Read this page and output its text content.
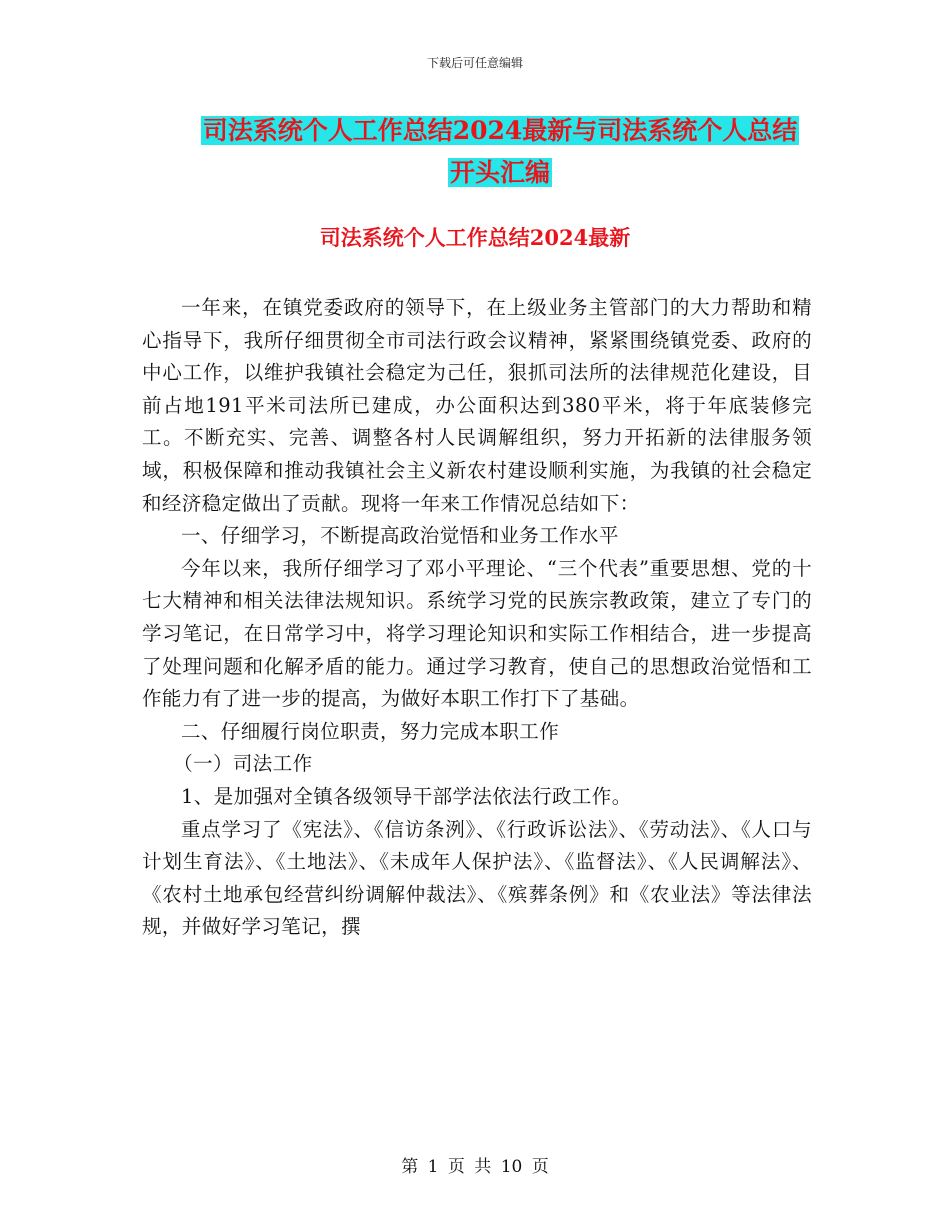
下载后可任意编辑
司法系统个人工作总结2024最新与司法系统个人总结
开头汇编
司法系统个人工作总结2024最新

一年来，在镇党委政府的领导下，在上级业务主管部门的大力帮助和精心指导下，我所仔细贯彻全市司法行政会议精神，紧紧围绕镇党委、政府的中心工作，以维护我镇社会稳定为己任，狠抓司法所的法律规范化建设，目前占地191平米司法所已建成，办公面积达到380平米，将于年底装修完工。不断充实、完善、调整各村人民调解组织，努力开拓新的法律服务领域，积极保障和推动我镇社会主义新农村建设顺利实施，为我镇的社会稳定和经济稳定做出了贡献。现将一年来工作情况总结如下：

一、仔细学习，不断提高政治觉悟和业务工作水平

今年以来，我所仔细学习了邓小平理论、“三个代表”重要思想、党的十七大精神和相关法律法规知识。系统学习党的民族宗教政策，建立了专门的学习笔记，在日常学习中，将学习理论知识和实际工作相结合，进一步提高了处理问题和化解矛盾的能力。通过学习教育，使自己的思想政治觉悟和工作能力有了进一步的提高，为做好本职工作打下了基础。

二、仔细履行岗位职责，努力完成本职工作

（一）司法工作

1、是加强对全镇各级领导干部学法依法行政工作。

重点学习了《宪法》、《信访条洌》、《行政诉讼法》、《劳动法》、《人口与计划生育法》、《土地法》、《未成年人保护法》、《监督法》、《人民调解法》、《农村土地承包经营纠纷调解仲裁法》、《殡葬条例》和《农业法》等法律法规，并做好学习笔记，撰

第 1 页 共 10 页
